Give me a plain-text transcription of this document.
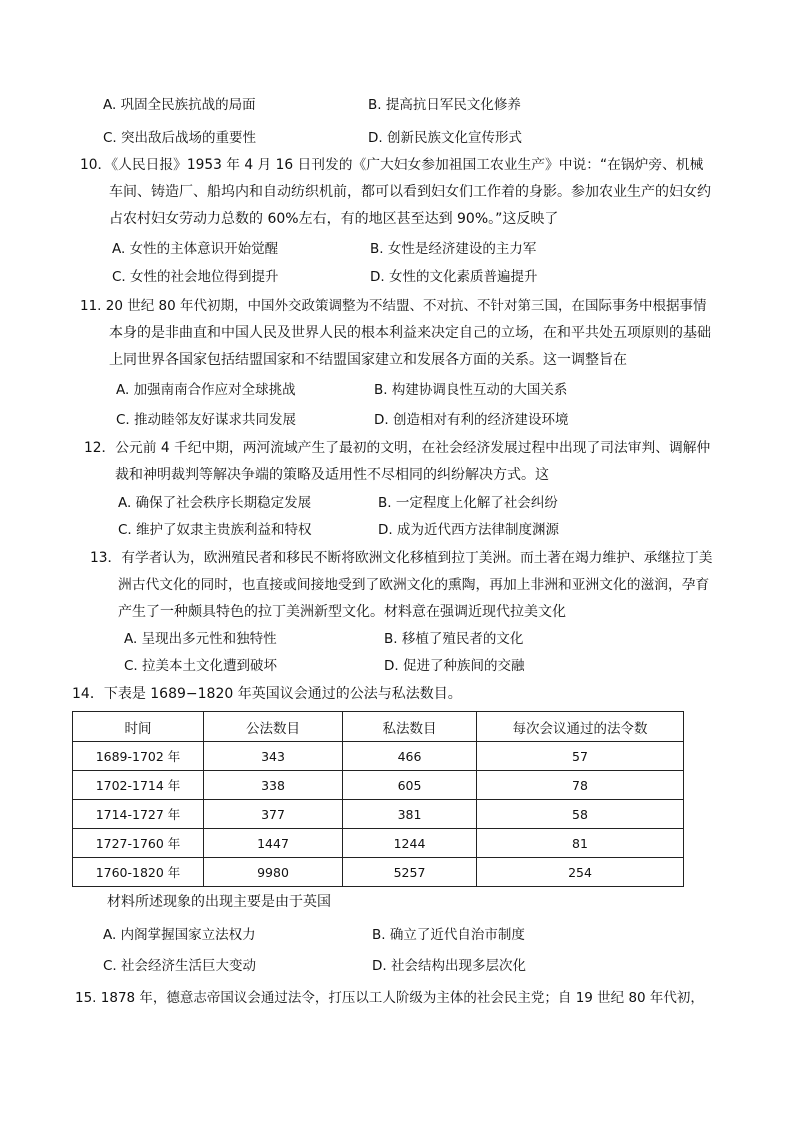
A. 巩固全民族抗战的局面	B. 提高抗日军民文化修养
C. 突出敌后战场的重要性	D. 创新民族文化宣传形式
10．《人民日报》1953 年 4 月 16 日刊发的《广大妇女参加祖国工农业生产》中说：“在锅炉旁、机械
车间、铸造厂、船坞内和自动纺织机前，都可以看到妇女们工作着的身影。参加农业生产的妇女约
占农村妇女劳动力总数的 60%左右，有的地区甚至达到 90%。”这反映了
A. 女性的主体意识开始觉醒	B. 女性是经济建设的主力军
C. 女性的社会地位得到提升	D. 女性的文化素质普遍提升
11. 20 世纪 80 年代初期，中国外交政策调整为不结盟、不对抗、不针对第三国，在国际事务中根据事情
本身的是非曲直和中国人民及世界人民的根本利益来决定自己的立场，在和平共处五项原则的基础
上同世界各国家包括结盟国家和不结盟国家建立和发展各方面的关系。这一调整旨在
A. 加强南南合作应对全球挑战	B. 构建协调良性互动的大国关系
C. 推动睦邻友好谋求共同发展	D. 创造相对有利的经济建设环境
12．公元前 4 千纪中期，两河流域产生了最初的文明，在社会经济发展过程中出现了司法审判、调解仲
裁和神明裁判等解决争端的策略及适用性不尽相同的纠纷解决方式。这
A. 确保了社会秩序长期稳定发展	B. 一定程度上化解了社会纠纷
C. 维护了奴隶主贵族利益和特权	D. 成为近代西方法律制度渊源
13．有学者认为，欧洲殖民者和移民不断将欧洲文化移植到拉丁美洲。而土著在竭力维护、承继拉丁美
洲古代文化的同时，也直接或间接地受到了欧洲文化的熏陶，再加上非洲和亚洲文化的滋润，孕育
产生了一种颇具特色的拉丁美洲新型文化。材料意在强调近现代拉美文化
A. 呈现出多元性和独特性	B. 移植了殖民者的文化
C. 拉美本土文化遭到破坏	D. 促进了种族间的交融
14．下表是 1689−1820 年英国议会通过的公法与私法数目。
时间	公法数目	私法数目	每次会议通过的法令数
1689-1702 年	343	466	57
1702-1714 年	338	605	78
1714-1727 年	377	381	58
1727-1760 年	1447	1244	81
1760-1820 年	9980	5257	254
材料所述现象的出现主要是由于英国
A. 内阁掌握国家立法权力	B. 确立了近代自治市制度
C. 社会经济生活巨大变动	D. 社会结构出现多层次化
15. 1878 年，德意志帝国议会通过法令，打压以工人阶级为主体的社会民主党；自 19 世纪 80 年代初，
